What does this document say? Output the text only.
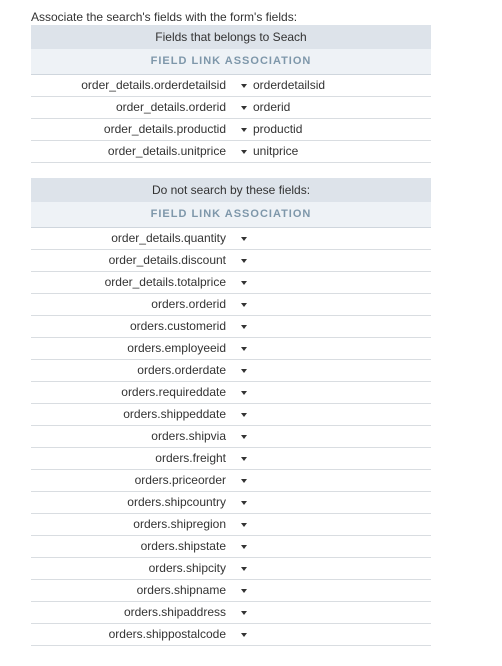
Associate the search's fields with the form's fields:
Fields that belongs to Seach
FIELD LINK ASSOCIATION
order_details.orderdetailsid orderdetailsid
order_details.orderid orderid
order_details.productid productid
order_details.unitprice unitprice
Do not search by these fields:
FIELD LINK ASSOCIATION
order_details.quantity
order_details.discount
order_details.totalprice
orders.orderid
orders.customerid
orders.employeeid
orders.orderdate
orders.requireddate
orders.shippeddate
orders.shipvia
orders.freight
orders.priceorder
orders.shipcountry
orders.shipregion
orders.shipstate
orders.shipcity
orders.shipname
orders.shipaddress
orders.shippostalcode
